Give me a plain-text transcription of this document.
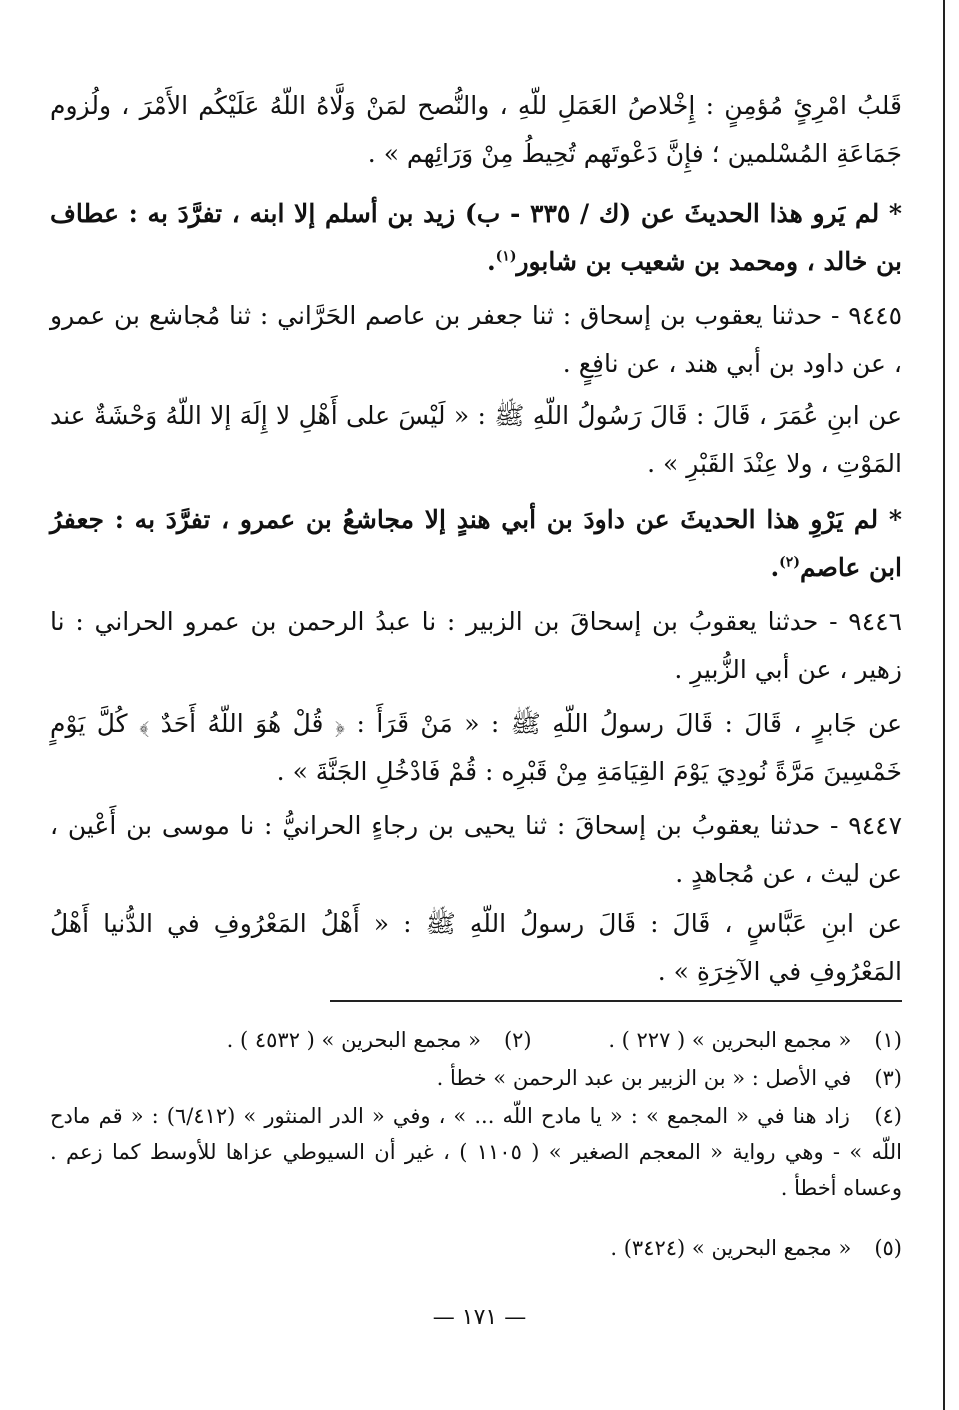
قَلبُ امْرِئٍ مُؤمِنٍ : إِخْلاصُ العَمَلِ للّهِ ، والنُّصح لمَنْ وَلَّاهُ اللّهُ عَلَيْكُم الأَمْرَ ، ولُزوم جَمَاعَةِ المُسْلمين ؛ فإِنَّ دَعْوتَهم تُحِيطُ مِنْ وَرَائِهم » .
* لم يَرو هذا الحديثَ عن (ك / ٣٣٥ - ب) زيد بن أسلم إلا ابنه ، تفرَّدَ به : عطاف بن خالد ، ومحمد بن شعيب بن شابور$^{(١)}$.
٩٤٤٥ - حدثنا يعقوب بن إسحاق : ثنا جعفر بن عاصم الحَرَّاني : ثنا مُجاشع بن عمرو ، عن داود بن أبي هند ، عن نافِعٍ .
عن ابنِ عُمَرَ ، قَالَ : قَالَ رَسُولُ اللّهِ ﷺ : « لَيْسَ على أَهْلِ لا إِلَهَ إلا اللّهُ وَحْشَةٌ عند المَوْتِ ، ولا عِنْدَ القَبْرِ » .
* لم يَرْوِ هذا الحديثَ عن داودَ بن أبي هندٍ إلا مجاشعُ بن عمرو ، تفرَّدَ به : جعفرُ ابن عاصم$^{(٢)}$.
٩٤٤٦ - حدثنا يعقوبُ بن إسحاقَ بن الزبير : نا عبدُ الرحمن بن عمرو الحراني : نا زهير ، عن أبي الزُّبيرِ .
عن جَابرٍ ، قَالَ : قَالَ رسولُ اللّهِ ﷺ : « مَنْ قَرَأَ : ﴿ قُلْ هُوَ اللّهُ أَحَدٌ ﴾ كُلَّ يَوْمٍ خَمْسِينَ مَرَّةً نُودِيَ يَوْمَ القِيَامَةِ مِنْ قَبْرِه : قُمْ فَادْخُلِ الجَنَّةَ » .
٩٤٤٧ - حدثنا يعقوبُ بن إسحاقَ : ثنا يحيى بن رجاءٍ الحرانيُّ : نا موسى بن أَعْين ، عن ليث ، عن مُجاهدٍ .
عن ابنِ عَبَّاسٍ ، قَالَ : قَالَ رسولُ اللّهِ ﷺ : « أَهْلُ المَعْرُوفِ في الدُّنيا أَهْلُ المَعْرُوفِ في الآخِرَةِ » .
(١) « مجمع البحرين » ( ٢٢٧ ) . (٢) « مجمع البحرين » ( ٤٥٣٢ ) .
(٣) في الأصل : « بن الزبير بن عبد الرحمن » خطأ .
(٤) زاد هنا في « المجمع » : « يا مادح اللّه ... » ، وفي « الدر المنثور » (٦/٤١٢) : « قم مادح اللّه » - وهي رواية « المعجم الصغير » ( ١١٠٥ ) ، غير أن السيوطي عزاها للأوسط كما زعم . وعساه أخطأ .
(٥) « مجمع البحرين » (٣٤٢٤) .
— ١٧١ —
